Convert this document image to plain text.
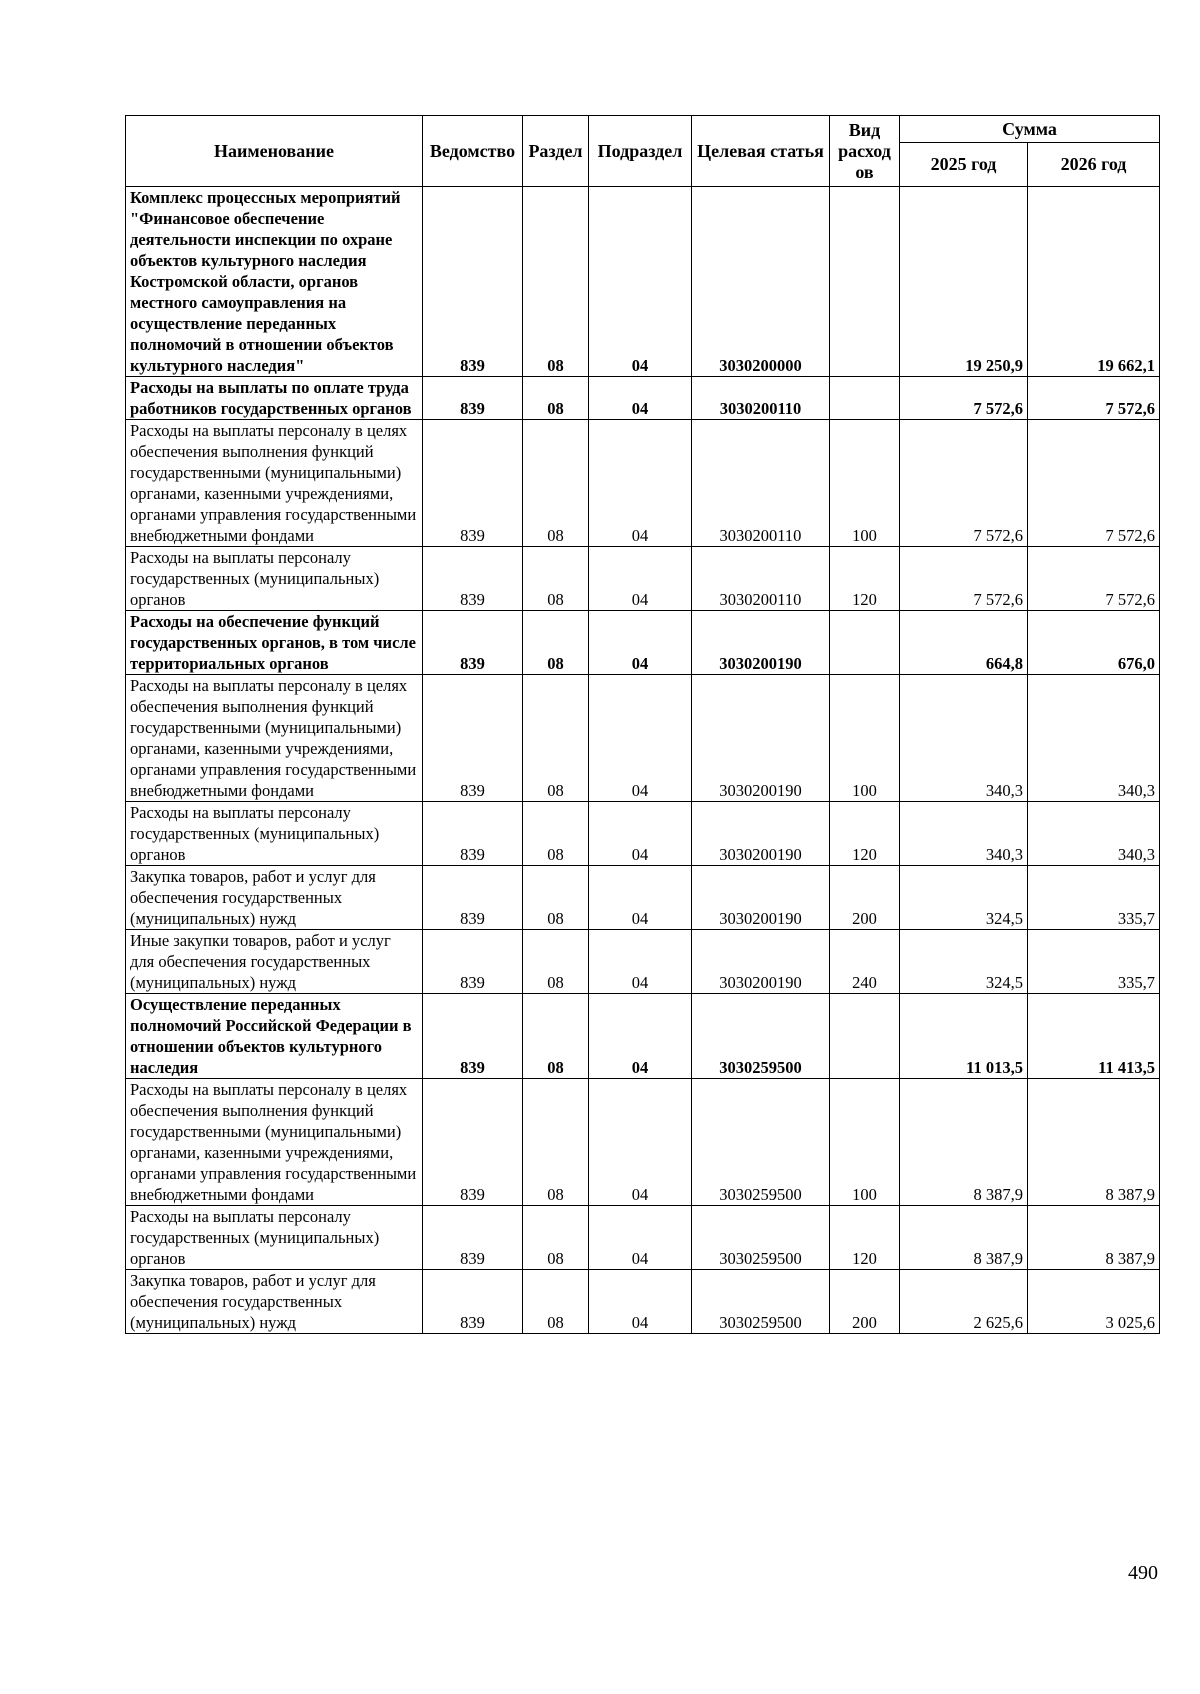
Наименование	Ведомство	Раздел	Подраздел	Целевая статья	Вид расход ов	Сумма	
						2025 год	2026 год
Комплекс процессных мероприятий "Финансовое обеспечение деятельности инспекции по охране объектов культурного наследия Костромской области, органов местного самоуправления на осуществление переданных полномочий в отношении объектов культурного наследия"	839	08	04	3030200000		19 250,9	19 662,1
Расходы на выплаты по оплате труда работников государственных органов	839	08	04	3030200110		7 572,6	7 572,6
Расходы на выплаты персоналу в целях обеспечения выполнения функций государственными (муниципальными) органами, казенными учреждениями, органами управления государственными внебюджетными фондами	839	08	04	3030200110	100	7 572,6	7 572,6
Расходы на выплаты персоналу государственных (муниципальных) органов	839	08	04	3030200110	120	7 572,6	7 572,6
Расходы на обеспечение функций государственных органов, в том числе территориальных органов	839	08	04	3030200190		664,8	676,0
Расходы на выплаты персоналу в целях обеспечения выполнения функций государственными (муниципальными) органами, казенными учреждениями, органами управления государственными внебюджетными фондами	839	08	04	3030200190	100	340,3	340,3
Расходы на выплаты персоналу государственных (муниципальных) органов	839	08	04	3030200190	120	340,3	340,3
Закупка товаров, работ и услуг для обеспечения государственных (муниципальных) нужд	839	08	04	3030200190	200	324,5	335,7
Иные закупки товаров, работ и услуг для обеспечения государственных (муниципальных) нужд	839	08	04	3030200190	240	324,5	335,7
Осуществление переданных полномочий Российской Федерации в отношении объектов культурного наследия	839	08	04	3030259500		11 013,5	11 413,5
Расходы на выплаты персоналу в целях обеспечения выполнения функций государственными (муниципальными) органами, казенными учреждениями, органами управления государственными внебюджетными фондами	839	08	04	3030259500	100	8 387,9	8 387,9
Расходы на выплаты персоналу государственных (муниципальных) органов	839	08	04	3030259500	120	8 387,9	8 387,9
Закупка товаров, работ и услуг для обеспечения государственных (муниципальных) нужд	839	08	04	3030259500	200	2 625,6	3 025,6
490
